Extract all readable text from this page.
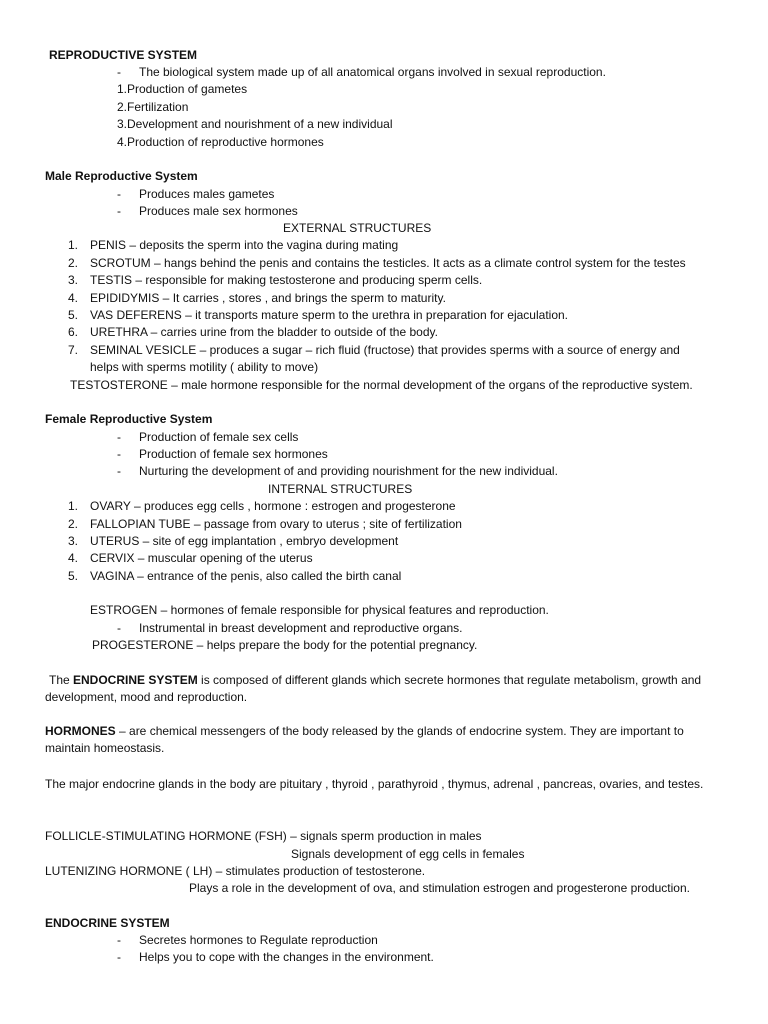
REPRODUCTIVE SYSTEM
- The biological system made up of all anatomical organs involved in sexual reproduction.
1.Production of gametes
2.Fertilization
3.Development and nourishment of a new individual
4.Production of reproductive hormones
Male Reproductive System
- Produces males gametes
- Produces male sex hormones
EXTERNAL STRUCTURES
1. PENIS – deposits the sperm into the vagina during mating
2. SCROTUM – hangs behind the penis and contains the testicles. It acts as a climate control system for the testes
3. TESTIS – responsible for making testosterone and producing sperm cells.
4. EPIDIDYMIS – It carries , stores , and brings the sperm to maturity.
5. VAS DEFERENS – it transports mature sperm to the urethra in preparation for ejaculation.
6. URETHRA – carries urine from the bladder to outside of the body.
7. SEMINAL VESICLE – produces a sugar – rich fluid (fructose) that provides sperms with a source of energy and helps with sperms motility ( ability to move)
TESTOSTERONE – male hormone responsible for the normal development of the organs of the reproductive system.
Female Reproductive System
- Production of female sex cells
- Production of female sex hormones
- Nurturing the development of and providing nourishment for the new individual.
INTERNAL STRUCTURES
1. OVARY – produces egg cells , hormone : estrogen and progesterone
2. FALLOPIAN TUBE – passage from ovary to uterus ; site of fertilization
3. UTERUS – site of egg implantation , embryo development
4. CERVIX – muscular opening of the uterus
5. VAGINA – entrance of the penis, also called the birth canal
ESTROGEN – hormones of female responsible for physical features and reproduction.
- Instrumental in breast development and reproductive organs.
PROGESTERONE – helps prepare the body for the potential pregnancy.
The ENDOCRINE SYSTEM is composed of different glands which secrete hormones that regulate metabolism, growth and development, mood and reproduction.
HORMONES – are chemical messengers of the body released by the glands of endocrine system. They are important to maintain homeostasis.
The major endocrine glands in the body are pituitary , thyroid , parathyroid , thymus, adrenal , pancreas, ovaries, and testes.
FOLLICLE-STIMULATING HORMONE (FSH) – signals sperm production in males
Signals development of egg cells in females
LUTENIZING HORMONE ( LH) – stimulates production of testosterone.
Plays a role in the development of ova, and stimulation estrogen and progesterone production.
ENDOCRINE SYSTEM
- Secretes hormones to Regulate reproduction
- Helps you to cope with the changes in the environment.
